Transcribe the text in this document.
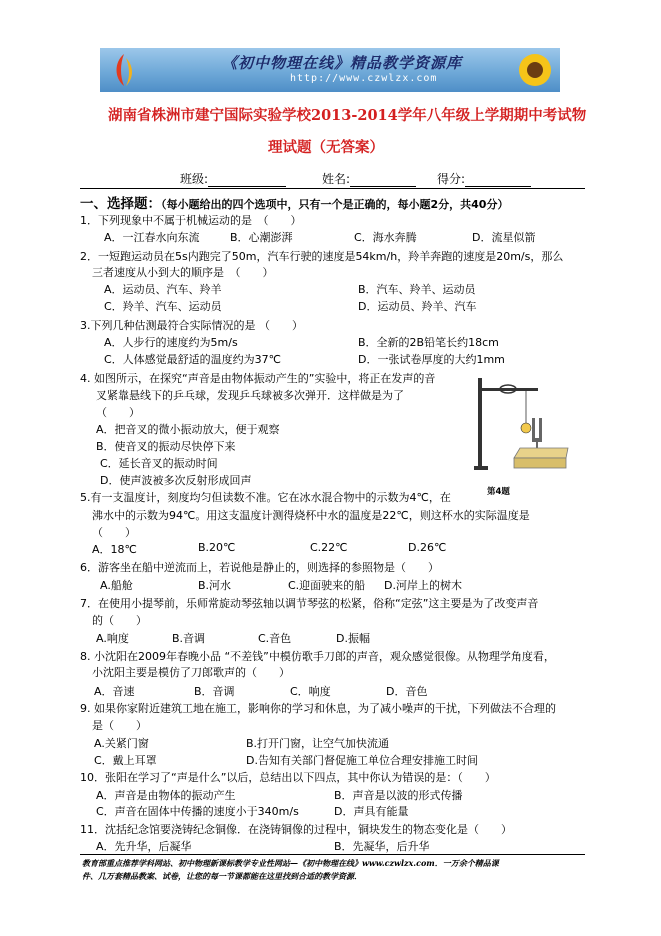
《初中物理在线》精品教学资源库
http://www.czwlzx.com
湖南省株洲市建宁国际实验学校2013-2014学年八年级上学期期中考试物
理试题（无答案）
班级:	姓名:	得分:
一、选择题：（每小题给出的四个选项中，只有一个是正确的，每小题2分，共40分）
1．下列现象中不属于机械运动的是　（　　）
A．一江春水向东流	B．心潮澎湃	C．海水奔腾	D．流星似箭
2．一短跑运动员在5s内跑完了50m，汽车行驶的速度是54km/h，羚羊奔跑的速度是20m/s，那么
三者速度从小到大的顺序是　（　　）
A．运动员、汽车、羚羊	B．汽车、羚羊、运动员
C．羚羊、汽车、运动员	D．运动员、羚羊、汽车
3.下列几种估测最符合实际情况的是 （　　）
A．人步行的速度约为5m/s	B．全新的2B铅笔长约18cm
C．人体感觉最舒适的温度约为37℃	D．一张试卷厚度的大约1mm
4. 如图所示，在探究“声音是由物体振动产生的”实验中，将正在发声的音
叉紧靠悬线下的乒乓球，发现乒乓球被多次弹开．这样做是为了
（　　）
A．把音叉的微小振动放大，便于观察
B．使音叉的振动尽快停下来
C．延长音叉的振动时间
D．使声波被多次反射形成回声
第4题
5.有一支温度计，刻度均匀但读数不准。它在冰水混合物中的示数为4℃，在
沸水中的示数为94℃。用这支温度计测得烧杯中水的温度是22℃，则这杯水的实际温度是
（　　）
A．18℃	B.20℃	C.22℃	D.26℃
6．游客坐在船中逆流而上，若说他是静止的，则选择的参照物是（　　）
A.船舱	B.河水	C.迎面驶来的船 D.河岸上的树木
7．在使用小提琴前，乐师常旋动琴弦轴以调节琴弦的松紧，俗称“定弦”这主要是为了改变声音
的（　　）
A.响度	B.音调	C.音色	D.振幅
8. 小沈阳在2009年春晚小品 “不差钱”中模仿歌手刀郎的声音，观众感觉很像。从物理学角度看，
小沈阳主要是模仿了刀郎歌声的（　　）
A．音速	B．音调	C．响度	D．音色
9. 如果你家附近建筑工地在施工，影响你的学习和休息，为了减小噪声的干扰，下列做法不合理的
是（　　）
A.关紧门窗	B.打开门窗，让空气加快流通
C．戴上耳罩	D.告知有关部门督促施工单位合理安排施工时间
10．张阳在学习了“声是什么”以后，总结出以下四点，其中你认为错误的是：（　　）
A．声音是由物体的振动产生	B．声音是以波的形式传播
C．声音在固体中传播的速度小于340m/s	D．声具有能量
11．沈括纪念馆要浇铸纪念铜像．在浇铸铜像的过程中，铜块发生的物态变化是（　　）
A．先升华，后凝华	B．先凝华，后升华
教育部重点推荐学科网站、初中物理新课标教学专业性网站—《初中物理在线》www.czwlzx.com．一万余个精品课
件、几万套精品教案、试卷，让您的每一节课都能在这里找到合适的教学资源．
